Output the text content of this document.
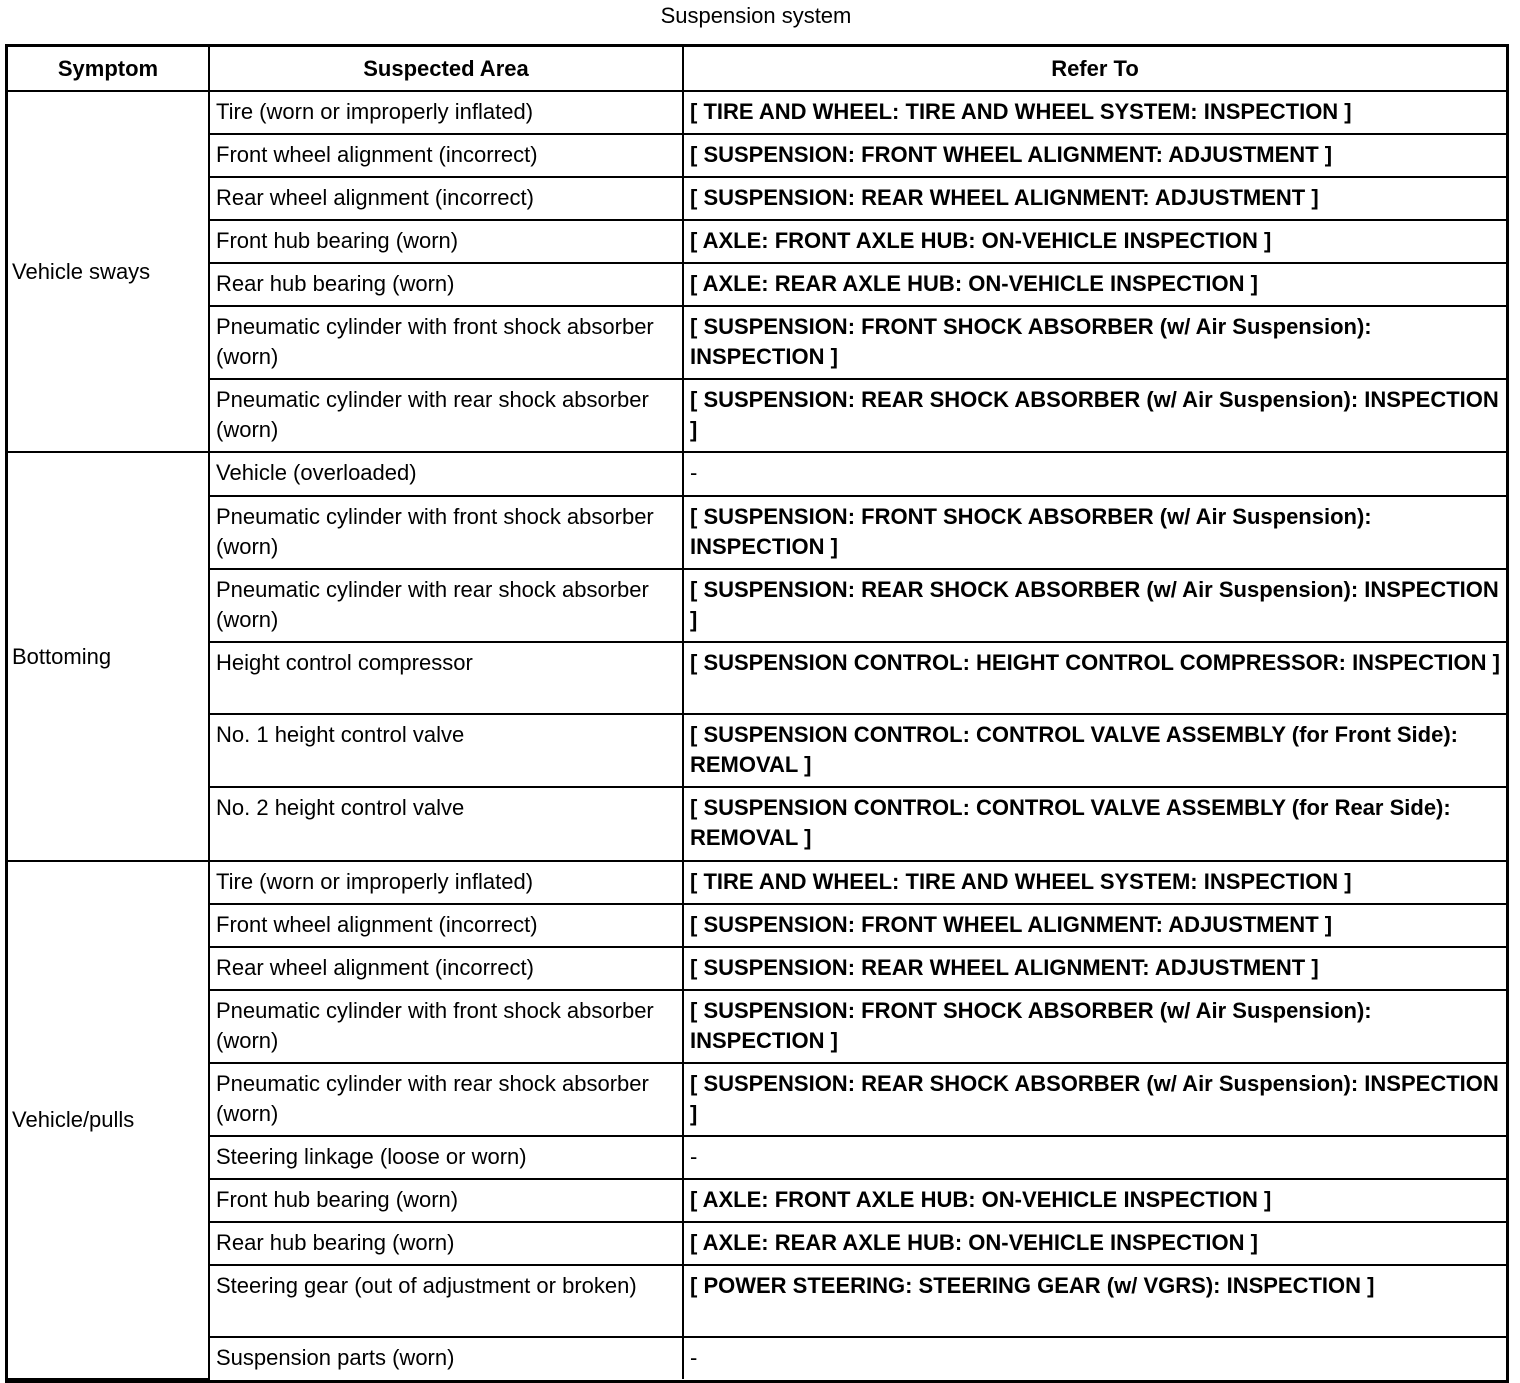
Suspension system
Symptom	Suspected Area	Refer To
Vehicle sways	Tire (worn or improperly inflated)	[ TIRE AND WHEEL: TIRE AND WHEEL SYSTEM: INSPECTION ]
	Front wheel alignment (incorrect)	[ SUSPENSION: FRONT WHEEL ALIGNMENT: ADJUSTMENT ]
	Rear wheel alignment (incorrect)	[ SUSPENSION: REAR WHEEL ALIGNMENT: ADJUSTMENT ]
	Front hub bearing (worn)	[ AXLE: FRONT AXLE HUB: ON-VEHICLE INSPECTION ]
	Rear hub bearing (worn)	[ AXLE: REAR AXLE HUB: ON-VEHICLE INSPECTION ]
	Pneumatic cylinder with front shock absorber (worn)	[ SUSPENSION: FRONT SHOCK ABSORBER (w/ Air Suspension): INSPECTION ]
	Pneumatic cylinder with rear shock absorber (worn)	[ SUSPENSION: REAR SHOCK ABSORBER (w/ Air Suspension): INSPECTION ]
Bottoming	Vehicle (overloaded)	-
	Pneumatic cylinder with front shock absorber (worn)	[ SUSPENSION: FRONT SHOCK ABSORBER (w/ Air Suspension): INSPECTION ]
	Pneumatic cylinder with rear shock absorber (worn)	[ SUSPENSION: REAR SHOCK ABSORBER (w/ Air Suspension): INSPECTION ]
	Height control compressor	[ SUSPENSION CONTROL: HEIGHT CONTROL COMPRESSOR: INSPECTION ]
	No. 1 height control valve	[ SUSPENSION CONTROL: CONTROL VALVE ASSEMBLY (for Front Side): REMOVAL ]
	No. 2 height control valve	[ SUSPENSION CONTROL: CONTROL VALVE ASSEMBLY (for Rear Side): REMOVAL ]
Vehicle/pulls	Tire (worn or improperly inflated)	[ TIRE AND WHEEL: TIRE AND WHEEL SYSTEM: INSPECTION ]
	Front wheel alignment (incorrect)	[ SUSPENSION: FRONT WHEEL ALIGNMENT: ADJUSTMENT ]
	Rear wheel alignment (incorrect)	[ SUSPENSION: REAR WHEEL ALIGNMENT: ADJUSTMENT ]
	Pneumatic cylinder with front shock absorber (worn)	[ SUSPENSION: FRONT SHOCK ABSORBER (w/ Air Suspension): INSPECTION ]
	Pneumatic cylinder with rear shock absorber (worn)	[ SUSPENSION: REAR SHOCK ABSORBER (w/ Air Suspension): INSPECTION ]
	Steering linkage (loose or worn)	-
	Front hub bearing (worn)	[ AXLE: FRONT AXLE HUB: ON-VEHICLE INSPECTION ]
	Rear hub bearing (worn)	[ AXLE: REAR AXLE HUB: ON-VEHICLE INSPECTION ]
	Steering gear (out of adjustment or broken)	[ POWER STEERING: STEERING GEAR (w/ VGRS): INSPECTION ]
	Suspension parts (worn)	-
